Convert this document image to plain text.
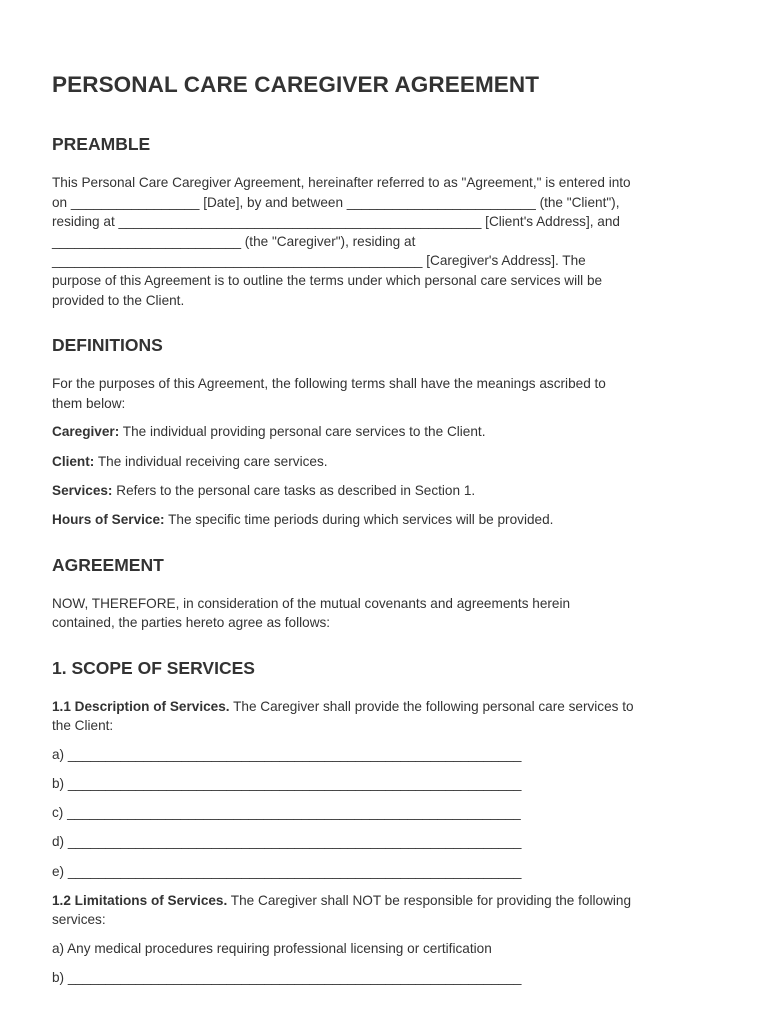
PERSONAL CARE CAREGIVER AGREEMENT
PREAMBLE

This Personal Care Caregiver Agreement, hereinafter referred to as "Agreement," is entered into

on _________________ [Date], by and between _________________________ (the "Client"),

residing at ________________________________________________ [Client's Address], and

_________________________ (the "Caregiver"), residing at

_________________________________________________ [Caregiver's Address]. The

purpose of this Agreement is to outline the terms under which personal care services will be

provided to the Client.

DEFINITIONS

For the purposes of this Agreement, the following terms shall have the meanings ascribed to

them below:

Caregiver: The individual providing personal care services to the Client.

Client: The individual receiving care services.

Services: Refers to the personal care tasks as described in Section 1.

Hours of Service: The specific time periods during which services will be provided.

AGREEMENT

NOW, THEREFORE, in consideration of the mutual covenants and agreements herein

contained, the parties hereto agree as follows:

1. SCOPE OF SERVICES

1.1 Description of Services. The Caregiver shall provide the following personal care services to

the Client:

a) ____________________________________________________________

b) ____________________________________________________________

c) ____________________________________________________________

d) ____________________________________________________________

e) ____________________________________________________________

1.2 Limitations of Services. The Caregiver shall NOT be responsible for providing the following

services:

a) Any medical procedures requiring professional licensing or certification

b) ____________________________________________________________
